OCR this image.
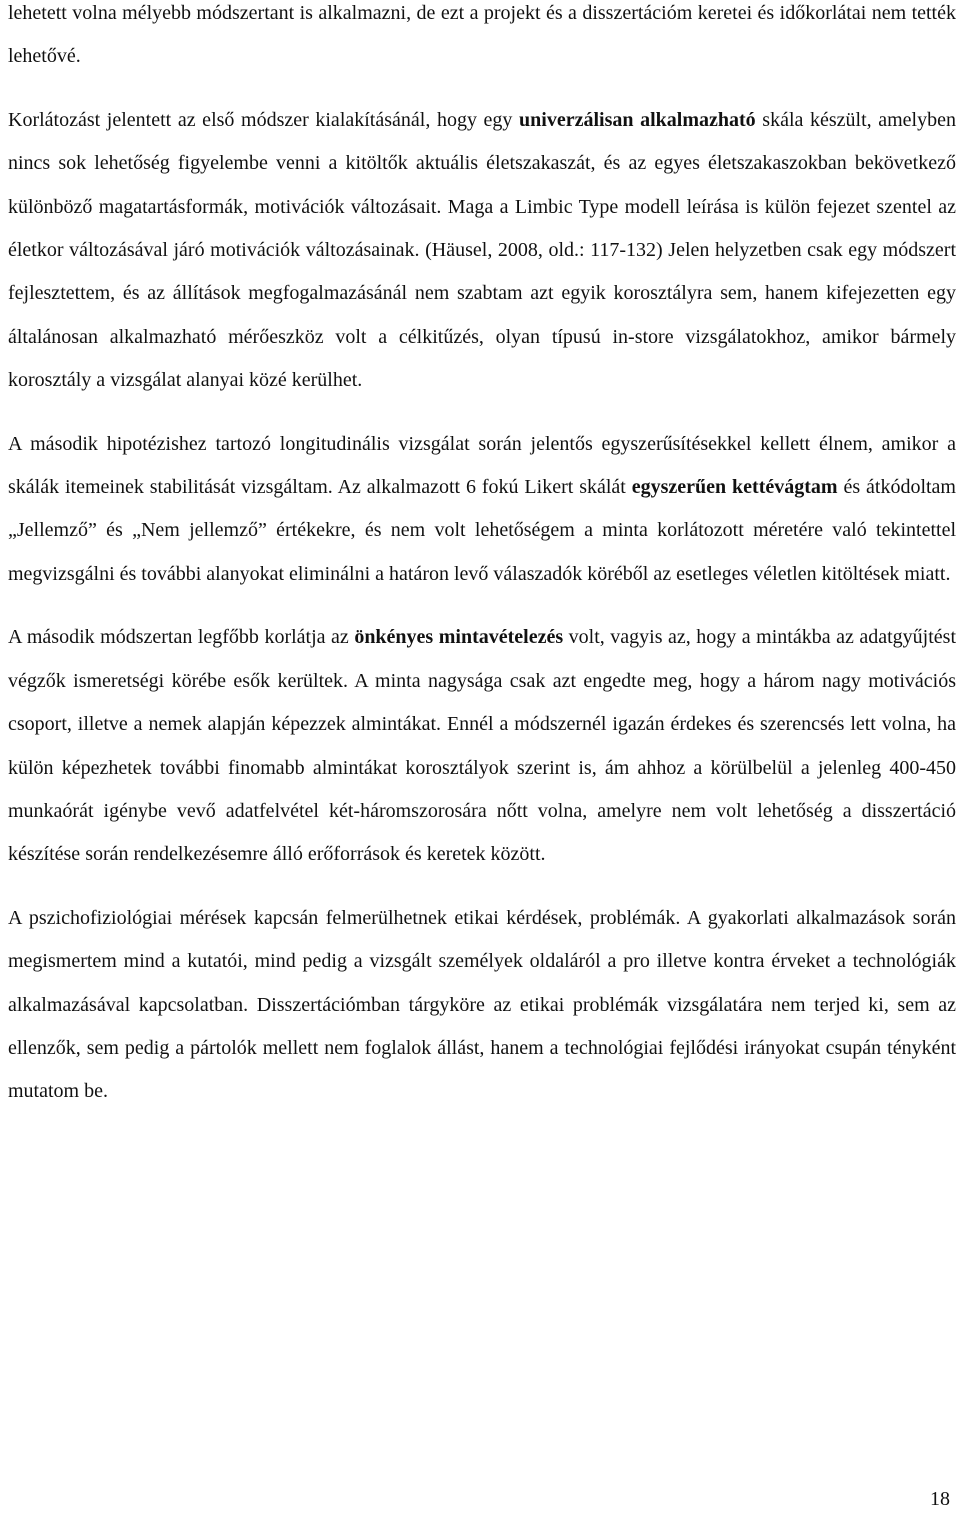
lehetett volna mélyebb módszertant is alkalmazni, de ezt a projekt és a disszertációm keretei és időkorlátai nem tették lehetővé.

Korlátozást jelentett az első módszer kialakításánál, hogy egy univerzálisan alkalmazható skála készült, amelyben nincs sok lehetőség figyelembe venni a kitöltők aktuális életszakaszát, és az egyes életszakaszokban bekövetkező különböző magatartásformák, motivációk változásait. Maga a Limbic Type modell leírása is külön fejezet szentel az életkor változásával járó motivációk változásainak. (Häusel, 2008, old.: 117-132) Jelen helyzetben csak egy módszert fejlesztettem, és az állítások megfogalmazásánál nem szabtam azt egyik korosztályra sem, hanem kifejezetten egy általánosan alkalmazható mérőeszköz volt a célkitűzés, olyan típusú in-store vizsgálatokhoz, amikor bármely korosztály a vizsgálat alanyai közé kerülhet.

A második hipotézishez tartozó longitudinális vizsgálat során jelentős egyszerűsítésekkel kellett élnem, amikor a skálák itemeinek stabilitását vizsgáltam. Az alkalmazott 6 fokú Likert skálát egyszerűen kettévágtam és átkódoltam „Jellemző” és „Nem jellemző” értékekre, és nem volt lehetőségem a minta korlátozott méretére való tekintettel megvizsgálni és további alanyokat eliminálni a határon levő válaszadók köréből az esetleges véletlen kitöltések miatt.

A második módszertan legfőbb korlátja az önkényes mintavételezés volt, vagyis az, hogy a mintákba az adatgyűjtést végzők ismeretségi körébe esők kerültek. A minta nagysága csak azt engedte meg, hogy a három nagy motivációs csoport, illetve a nemek alapján képezzek almintákat. Ennél a módszernél igazán érdekes és szerencsés lett volna, ha külön képezhetek további finomabb almintákat korosztályok szerint is, ám ahhoz a körülbelül a jelenleg 400-450 munkaórát igénybe vevő adatfelvétel két-háromszorosára nőtt volna, amelyre nem volt lehetőség a disszertáció készítése során rendelkezésemre álló erőforrások és keretek között.

A pszichofiziológiai mérések kapcsán felmerülhetnek etikai kérdések, problémák. A gyakorlati alkalmazások során megismertem mind a kutatói, mind pedig a vizsgált személyek oldaláról a pro illetve kontra érveket a technológiák alkalmazásával kapcsolatban. Disszertációmban tárgyköre az etikai problémák vizsgálatára nem terjed ki, sem az ellenzők, sem pedig a pártolók mellett nem foglalok állást, hanem a technológiai fejlődési irányokat csupán tényként mutatom be.

18
